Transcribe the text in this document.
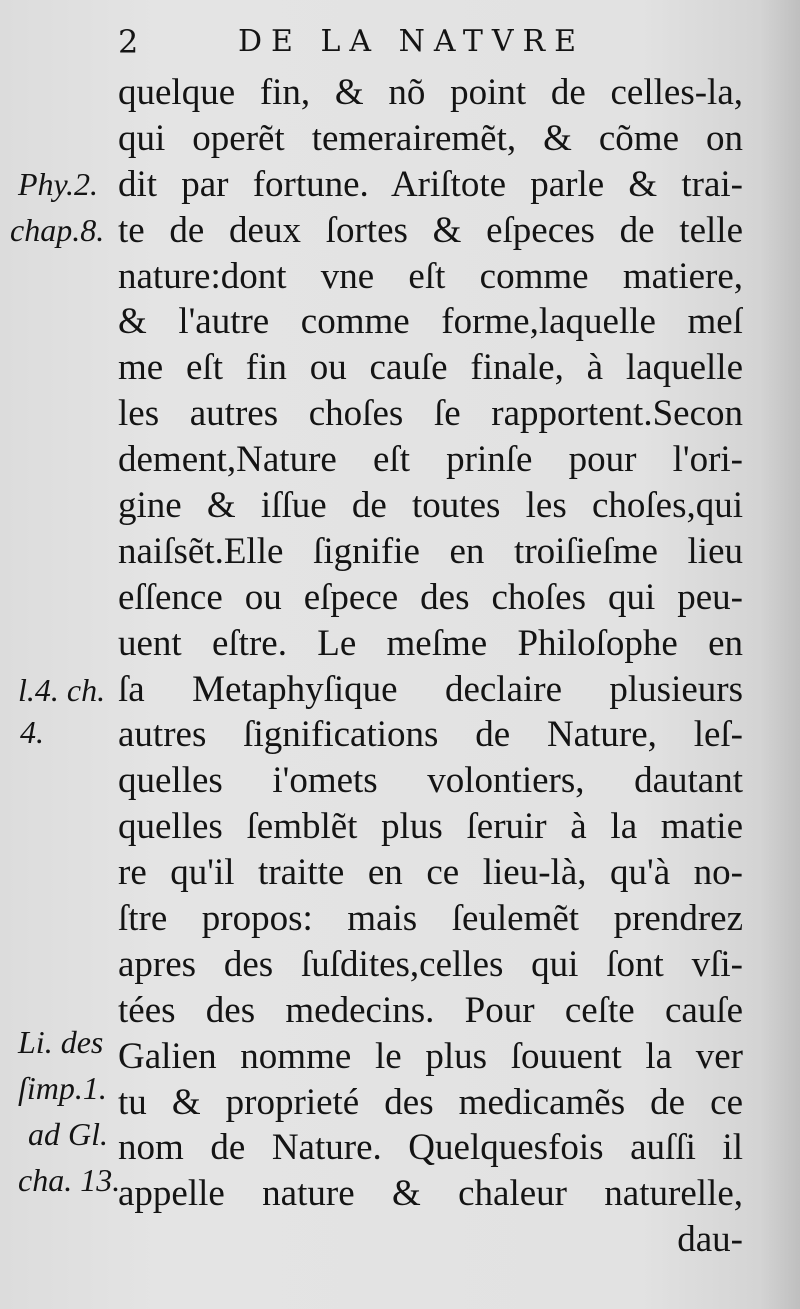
2	DE LA NATVRE
quelque fin, & nõ point de celles-la,
qui operẽt temerairemẽt, & cõme on
dit par fortune. Ariſtote parle & trai-
te de deux ſortes & eſpeces de telle
nature:dont vne eſt comme matiere,
& l'autre comme forme,laquelle meſ
me eſt fin ou cauſe finale, à laquelle
les autres choſes ſe rapportent.Secon
dement,Nature eſt prinſe pour l'ori-
gine & iſſue de toutes les choſes,qui
naiſsẽt.Elle ſignifie en troiſieſme lieu
eſſence ou eſpece des choſes qui peu-
uent eſtre. Le meſme Philoſophe en
ſa Metaphyſique declaire plusieurs
autres ſignifications de Nature, leſ-
quelles i'omets volontiers, dautant
quelles ſemblẽt plus ſeruir à la matie
re qu'il traitte en ce lieu-là, qu'à no-
ſtre propos: mais ſeulemẽt prendrez
apres des ſuſdites,celles qui ſont vſi-
tées des medecins. Pour ceſte cauſe
Galien nomme le plus ſouuent la ver
tu & proprieté des medicamẽs de ce
nom de Nature. Quelquesfois auſſi il
appelle nature & chaleur naturelle,
dau-
Phy.2.
chap.8.
l.4. ch.
4.
Li. des
ſimp.1.
ad Gl.
cha. 13.
